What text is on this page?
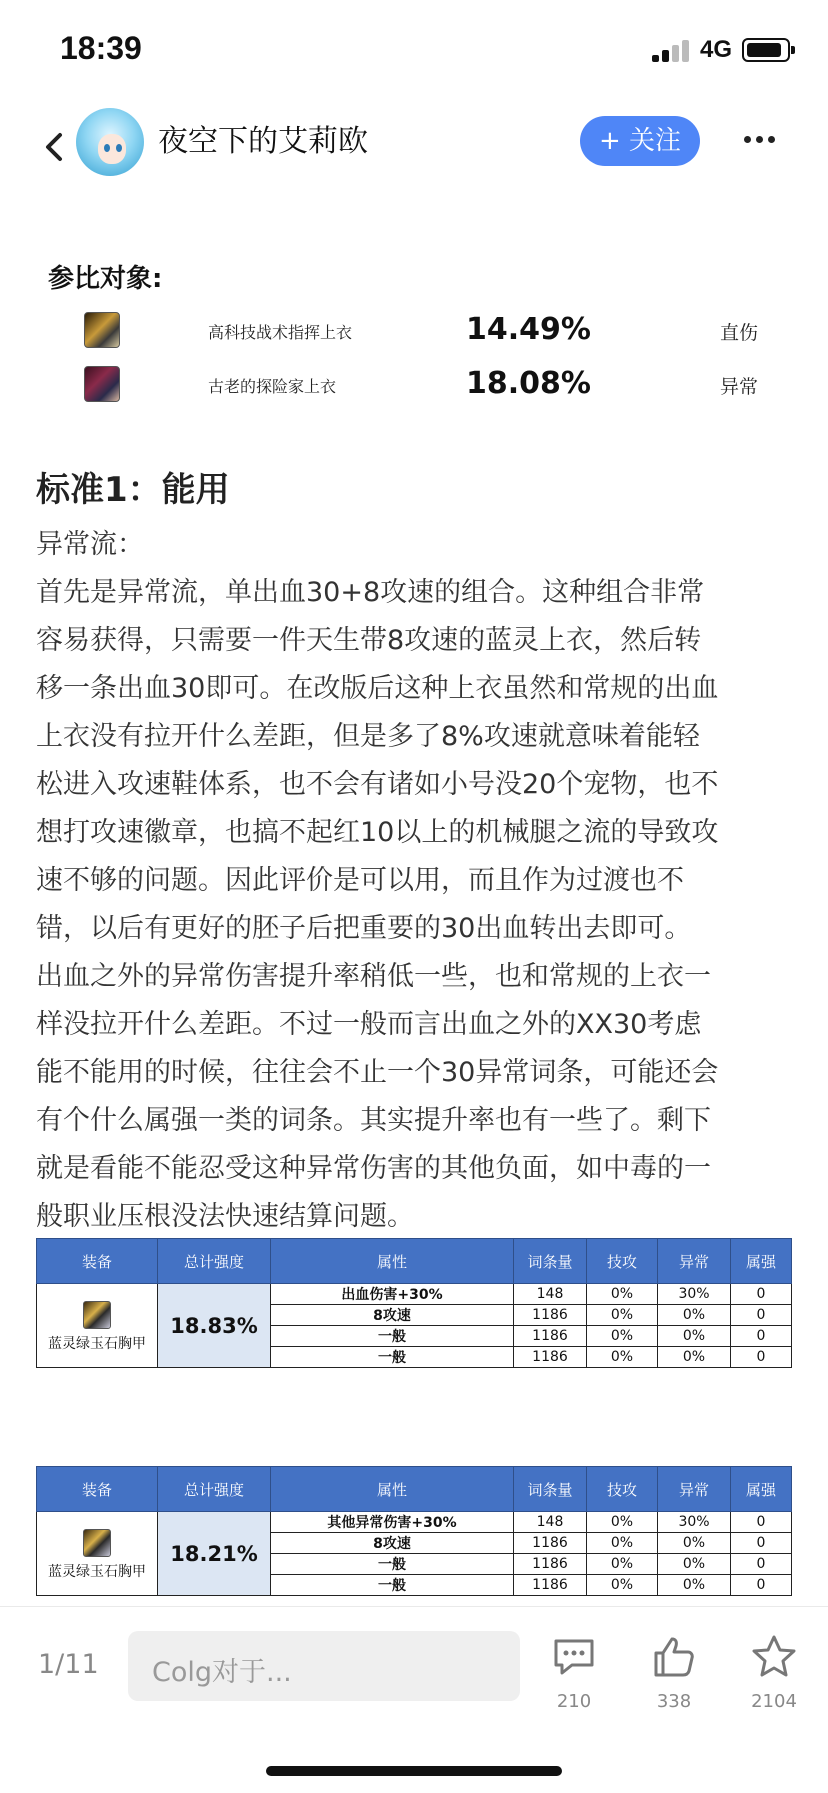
18:39	4G
夜空下的艾莉欧	+ 关注
参比对象:
高科技战术指挥上衣	14.49%	直伤
古老的探险家上衣	18.08%	异常
标准1：能用
异常流：
首先是异常流，单出血30+8攻速的组合。这种组合非常
容易获得，只需要一件天生带8攻速的蓝灵上衣，然后转
移一条出血30即可。在改版后这种上衣虽然和常规的出血
上衣没有拉开什么差距，但是多了8%攻速就意味着能轻
松进入攻速鞋体系，也不会有诸如小号没20个宠物，也不
想打攻速徽章，也搞不起红10以上的机械腿之流的导致攻
速不够的问题。因此评价是可以用，而且作为过渡也不
错，以后有更好的胚子后把重要的30出血转出去即可。
出血之外的异常伤害提升率稍低一些，也和常规的上衣一
样没拉开什么差距。不过一般而言出血之外的XX30考虑
能不能用的时候，往往会不止一个30异常词条，可能还会
有个什么属强一类的词条。其实提升率也有一些了。剩下
就是看能不能忍受这种异常伤害的其他负面，如中毒的一
般职业压根没法快速结算问题。
装备	总计强度	属性	词条量	技攻	异常	属强

蓝灵绿玉石胸甲	18.83%	出血伤害+30%	148	0%	30%	0
		8攻速	1186	0%	0%	0
		一般	1186	0%	0%	0
		一般	1186	0%	0%	0
装备	总计强度	属性	词条量	技攻	异常	属强

蓝灵绿玉石胸甲	18.21%	其他异常伤害+30%	148	0%	30%	0
		8攻速	1186	0%	0%	0
		一般	1186	0%	0%	0
		一般	1186	0%	0%	0
1/11 Colg对于...
210	338	2104
